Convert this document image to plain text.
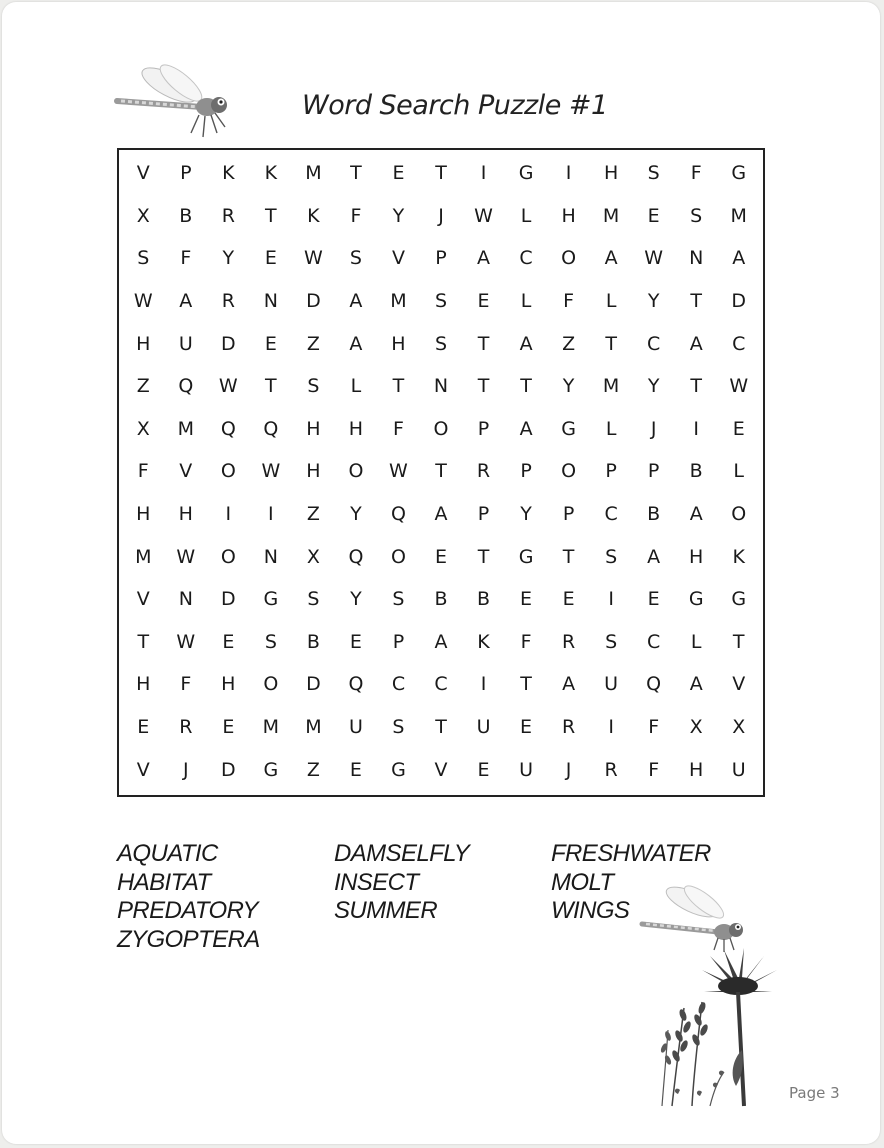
Word Search Puzzle #1
V	P	K	K	M	T	E	T	I	G	I	H	S	F	G
X	B	R	T	K	F	Y	J	W	L	H	M	E	S	M
S	F	Y	E	W	S	V	P	A	C	O	A	W	N	A
W	A	R	N	D	A	M	S	E	L	F	L	Y	T	D
H	U	D	E	Z	A	H	S	T	A	Z	T	C	A	C
Z	Q	W	T	S	L	T	N	T	T	Y	M	Y	T	W
X	M	Q	Q	H	H	F	O	P	A	G	L	J	I	E
F	V	O	W	H	O	W	T	R	P	O	P	P	B	L
H	H	I	I	Z	Y	Q	A	P	Y	P	C	B	A	O
M	W	O	N	X	Q	O	E	T	G	T	S	A	H	K
V	N	D	G	S	Y	S	B	B	E	E	I	E	G	G
T	W	E	S	B	E	P	A	K	F	R	S	C	L	T
H	F	H	O	D	Q	C	C	I	T	A	U	Q	A	V
E	R	E	M	M	U	S	T	U	E	R	I	F	X	X
V	J	D	G	Z	E	G	V	E	U	J	R	F	H	U
AQUATIC
HABITAT
PREDATORY
ZYGOPTERA
DAMSELFLY
INSECT
SUMMER
FRESHWATER
MOLT
WINGS
Page 3
